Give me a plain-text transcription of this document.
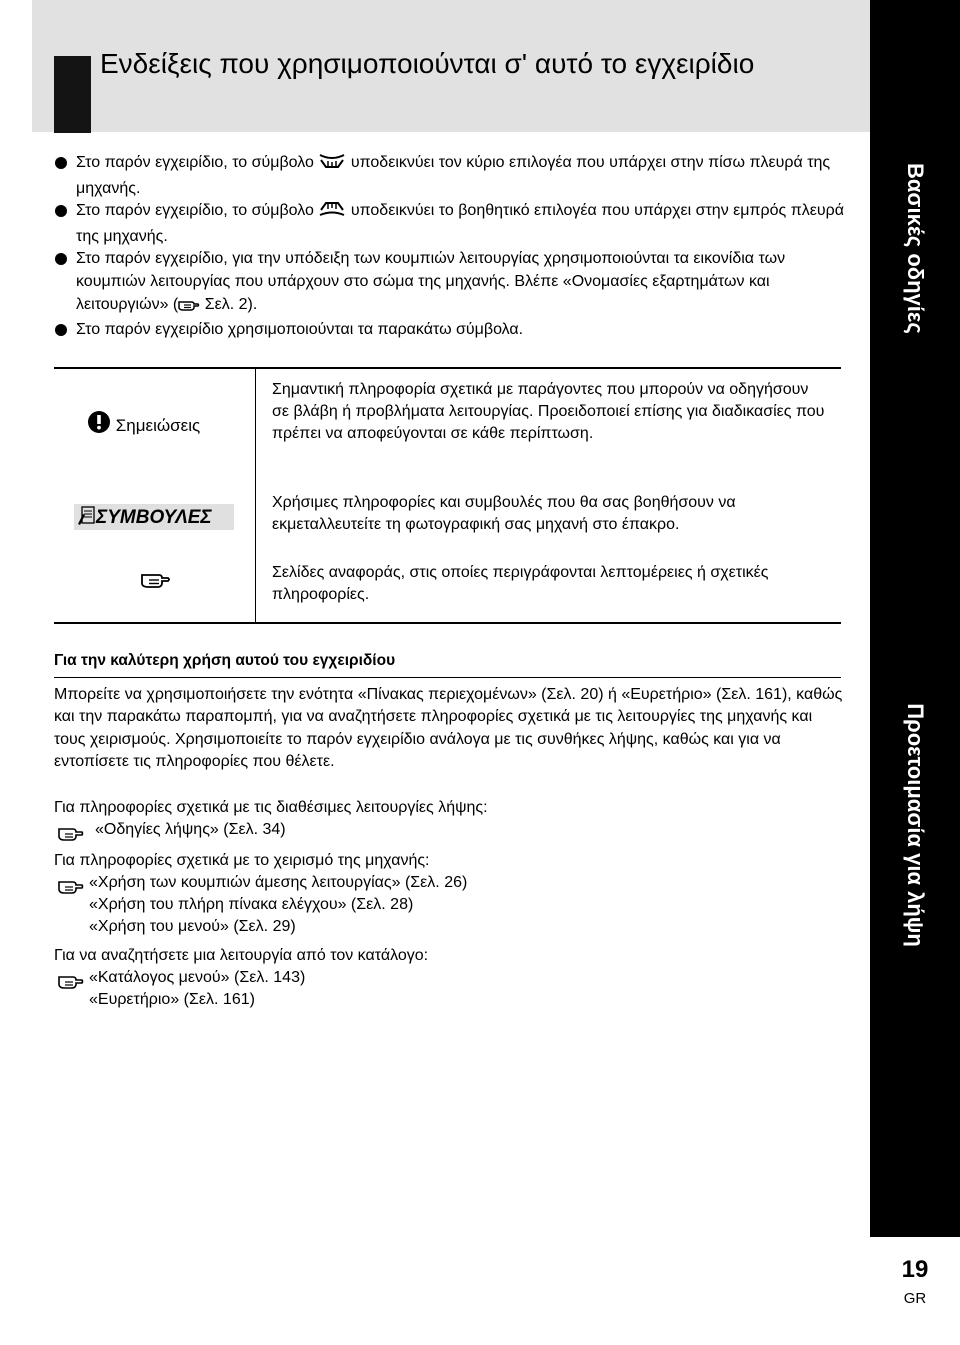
Ενδείξεις που χρησιμοποιούνται σ' αυτό το εγχειρίδιο
Βασικές οδηγίες
Προετοιμασία για λήψη
19
GR
Στο παρόν εγχειρίδιο, το σύμβολο υποδεικνύει τον κύριο επιλογέα που υπάρχει στην πίσω πλευρά της μηχανής.
Στο παρόν εγχειρίδιο, το σύμβολο υποδεικνύει το βοηθητικό επιλογέα που υπάρχει στην εμπρός πλευρά της μηχανής.
Στο παρόν εγχειρίδιο, για την υπόδειξη των κουμπιών λειτουργίας χρησιμοποιούνται τα εικονίδια των κουμπιών λειτουργίας που υπάρχουν στο σώμα της μηχανής. Βλέπε «Ονομασίες εξαρτημάτων και λειτουργιών» ( Σελ. 2).
Στο παρόν εγχειρίδιο χρησιμοποιούνται τα παρακάτω σύμβολα.
Σημειώσεις
Σημαντική πληροφορία σχετικά με παράγοντες που μπορούν να οδηγήσουν σε βλάβη ή προβλήματα λειτουργίας. Προειδοποιεί επίσης για διαδικασίες που πρέπει να αποφεύγονται σε κάθε περίπτωση.
ΣΥΜΒΟΥΛΕΣ
Χρήσιμες πληροφορίες και συμβουλές που θα σας βοηθήσουν να εκμεταλλευτείτε τη φωτογραφική σας μηχανή στο έπακρο.
Σελίδες αναφοράς, στις οποίες περιγράφονται λεπτομέρειες ή σχετικές πληροφορίες.
Για την καλύτερη χρήση αυτού του εγχειριδίου
Μπορείτε να χρησιμοποιήσετε την ενότητα «Πίνακας περιεχομένων» (Σελ. 20) ή «Ευρετήριο» (Σελ. 161), καθώς και την παρακάτω παραπομπή, για να αναζητήσετε πληροφορίες σχετικά με τις λειτουργίες της μηχανής και τους χειρισμούς. Χρησιμοποιείτε το παρόν εγχειρίδιο ανάλογα με τις συνθήκες λήψης, καθώς και για να εντοπίσετε τις πληροφορίες που θέλετε.
Για πληροφορίες σχετικά με τις διαθέσιμες λειτουργίες λήψης:
«Οδηγίες λήψης» (Σελ. 34)
Για πληροφορίες σχετικά με το χειρισμό της μηχανής:
«Χρήση των κουμπιών άμεσης λειτουργίας» (Σελ. 26)
«Χρήση του πλήρη πίνακα ελέγχου» (Σελ. 28)
«Χρήση του μενού» (Σελ. 29)
Για να αναζητήσετε μια λειτουργία από τον κατάλογο:
«Κατάλογος μενού» (Σελ. 143)
«Ευρετήριο» (Σελ. 161)
